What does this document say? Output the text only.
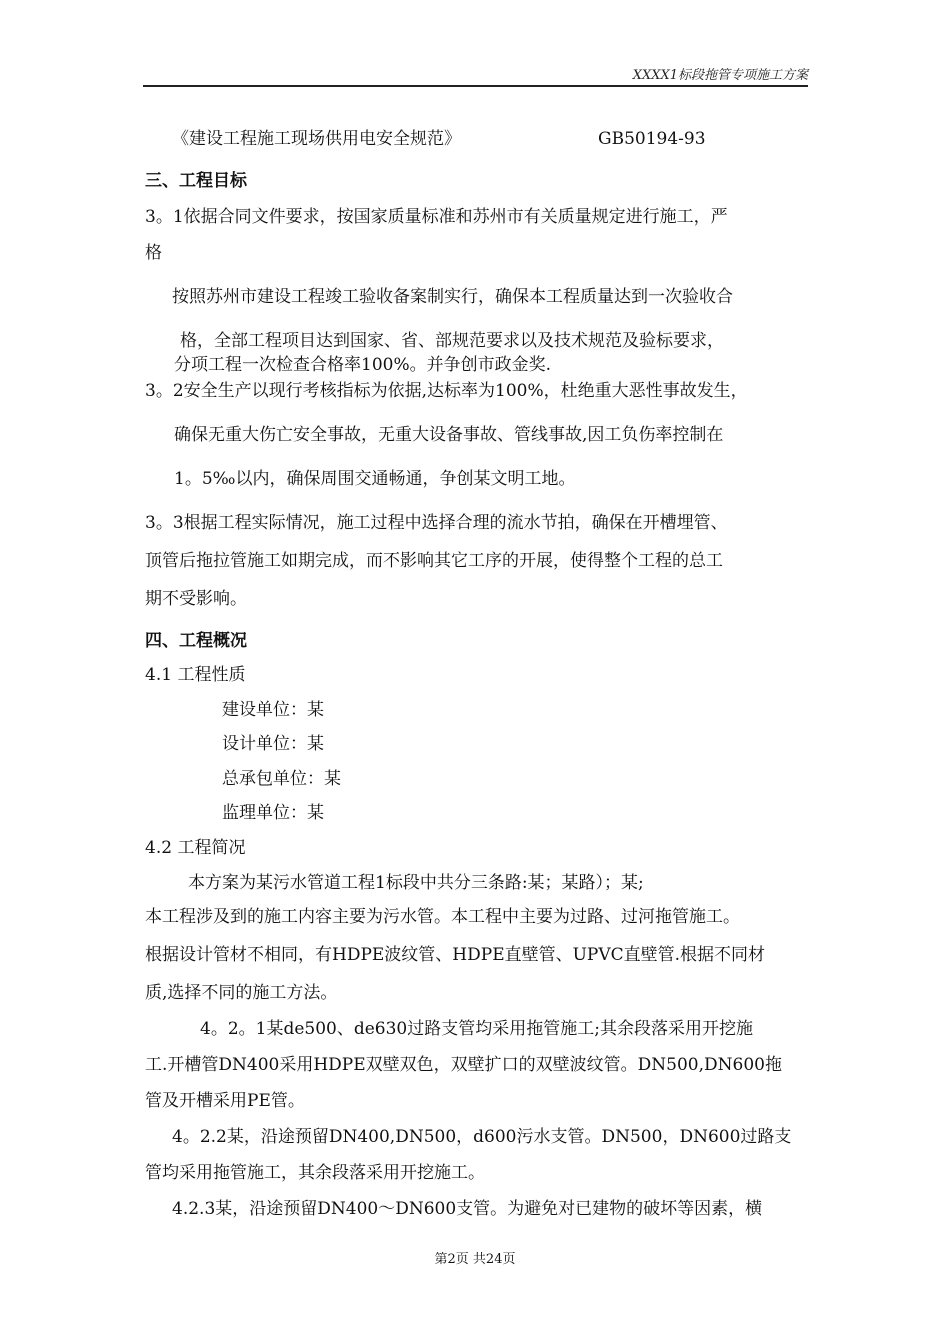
XXXX1标段拖管专项施工方案
《建设工程施工现场供用电安全规范》	GB50194-93
三、工程目标
3。1依据合同文件要求，按国家质量标准和苏州市有关质量规定进行施工，严
格
按照苏州市建设工程竣工验收备案制实行，确保本工程质量达到一次验收合
格，全部工程项目达到国家、省、部规范要求以及技术规范及验标要求，
分项工程一次检查合格率100%。并争创市政金奖.
3。2安全生产以现行考核指标为依据,达标率为100%，杜绝重大恶性事故发生，
确保无重大伤亡安全事故，无重大设备事故、管线事故,因工负伤率控制在
1。5‰以内，确保周围交通畅通，争创某文明工地。
3。3根据工程实际情况，施工过程中选择合理的流水节拍，确保在开槽埋管、
顶管后拖拉管施工如期完成，而不影响其它工序的开展，使得整个工程的总工
期不受影响。
四、工程概况
4.1 工程性质
建设单位：某
设计单位：某
总承包单位：某
监理单位：某
4.2 工程简况
本方案为某污水管道工程1标段中共分三条路:某；某路）；某;
本工程涉及到的施工内容主要为污水管。本工程中主要为过路、过河拖管施工。
根据设计管材不相同，有HDPE波纹管、HDPE直壁管、UPVC直壁管.根据不同材
质,选择不同的施工方法。
4。2。1某de500、de630过路支管均采用拖管施工;其余段落采用开挖施
工.开槽管DN400采用HDPE双壁双色，双壁扩口的双壁波纹管。DN500,DN600拖
管及开槽采用PE管。
4。2.2某，沿途预留DN400,DN500，d600污水支管。DN500，DN600过路支
管均采用拖管施工，其余段落采用开挖施工。
4.2.3某，沿途预留DN400～DN600支管。为避免对已建物的破坏等因素，横
第2页 共24页
